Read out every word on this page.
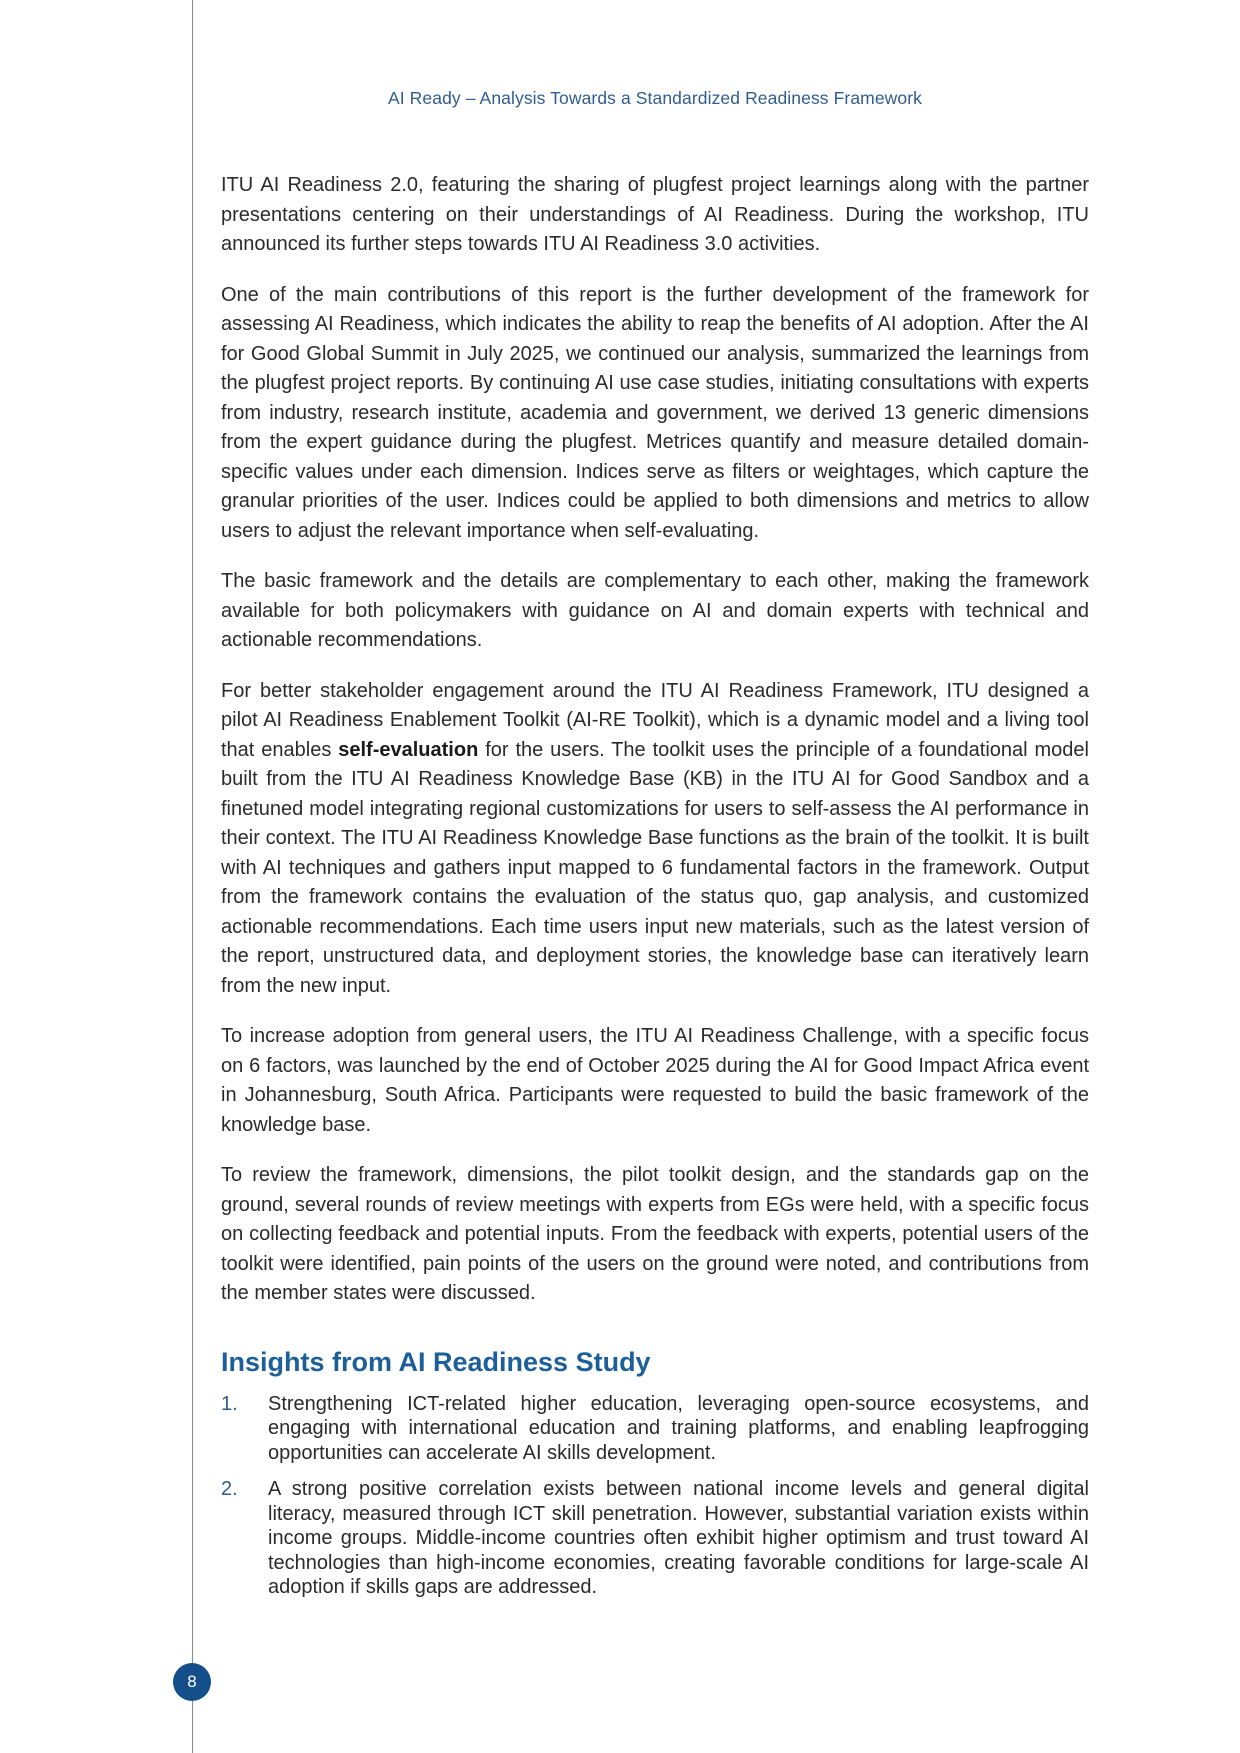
AI Ready – Analysis Towards a Standardized Readiness Framework

ITU AI Readiness 2.0, featuring the sharing of plugfest project learnings along with the partner presentations centering on their understandings of AI Readiness. During the workshop, ITU announced its further steps towards ITU AI Readiness 3.0 activities.

One of the main contributions of this report is the further development of the framework for assessing AI Readiness, which indicates the ability to reap the benefits of AI adoption. After the AI for Good Global Summit in July 2025, we continued our analysis, summarized the learnings from the plugfest project reports. By continuing AI use case studies, initiating consultations with experts from industry, research institute, academia and government, we derived 13 generic dimensions from the expert guidance during the plugfest. Metrices quantify and measure detailed domain-specific values under each dimension. Indices serve as filters or weightages, which capture the granular priorities of the user. Indices could be applied to both dimensions and metrics to allow users to adjust the relevant importance when self-evaluating.

The basic framework and the details are complementary to each other, making the framework available for both policymakers with guidance on AI and domain experts with technical and actionable recommendations.

For better stakeholder engagement around the ITU AI Readiness Framework, ITU designed a pilot AI Readiness Enablement Toolkit (AI-RE Toolkit), which is a dynamic model and a living tool that enables self-evaluation for the users. The toolkit uses the principle of a foundational model built from the ITU AI Readiness Knowledge Base (KB) in the ITU AI for Good Sandbox and a finetuned model integrating regional customizations for users to self-assess the AI performance in their context. The ITU AI Readiness Knowledge Base functions as the brain of the toolkit. It is built with AI techniques and gathers input mapped to 6 fundamental factors in the framework. Output from the framework contains the evaluation of the status quo, gap analysis, and customized actionable recommendations. Each time users input new materials, such as the latest version of the report, unstructured data, and deployment stories, the knowledge base can iteratively learn from the new input.

To increase adoption from general users, the ITU AI Readiness Challenge, with a specific focus on 6 factors, was launched by the end of October 2025 during the AI for Good Impact Africa event in Johannesburg, South Africa. Participants were requested to build the basic framework of the knowledge base.

To review the framework, dimensions, the pilot toolkit design, and the standards gap on the ground, several rounds of review meetings with experts from EGs were held, with a specific focus on collecting feedback and potential inputs. From the feedback with experts, potential users of the toolkit were identified, pain points of the users on the ground were noted, and contributions from the member states were discussed.

Insights from AI Readiness Study
1.	Strengthening ICT-related higher education, leveraging open-source ecosystems, and engaging with international education and training platforms, and enabling leapfrogging opportunities can accelerate AI skills development.
2.	A strong positive correlation exists between national income levels and general digital literacy, measured through ICT skill penetration. However, substantial variation exists within income groups. Middle-income countries often exhibit higher optimism and trust toward AI technologies than high-income economies, creating favorable conditions for large-scale AI adoption if skills gaps are addressed.
8
